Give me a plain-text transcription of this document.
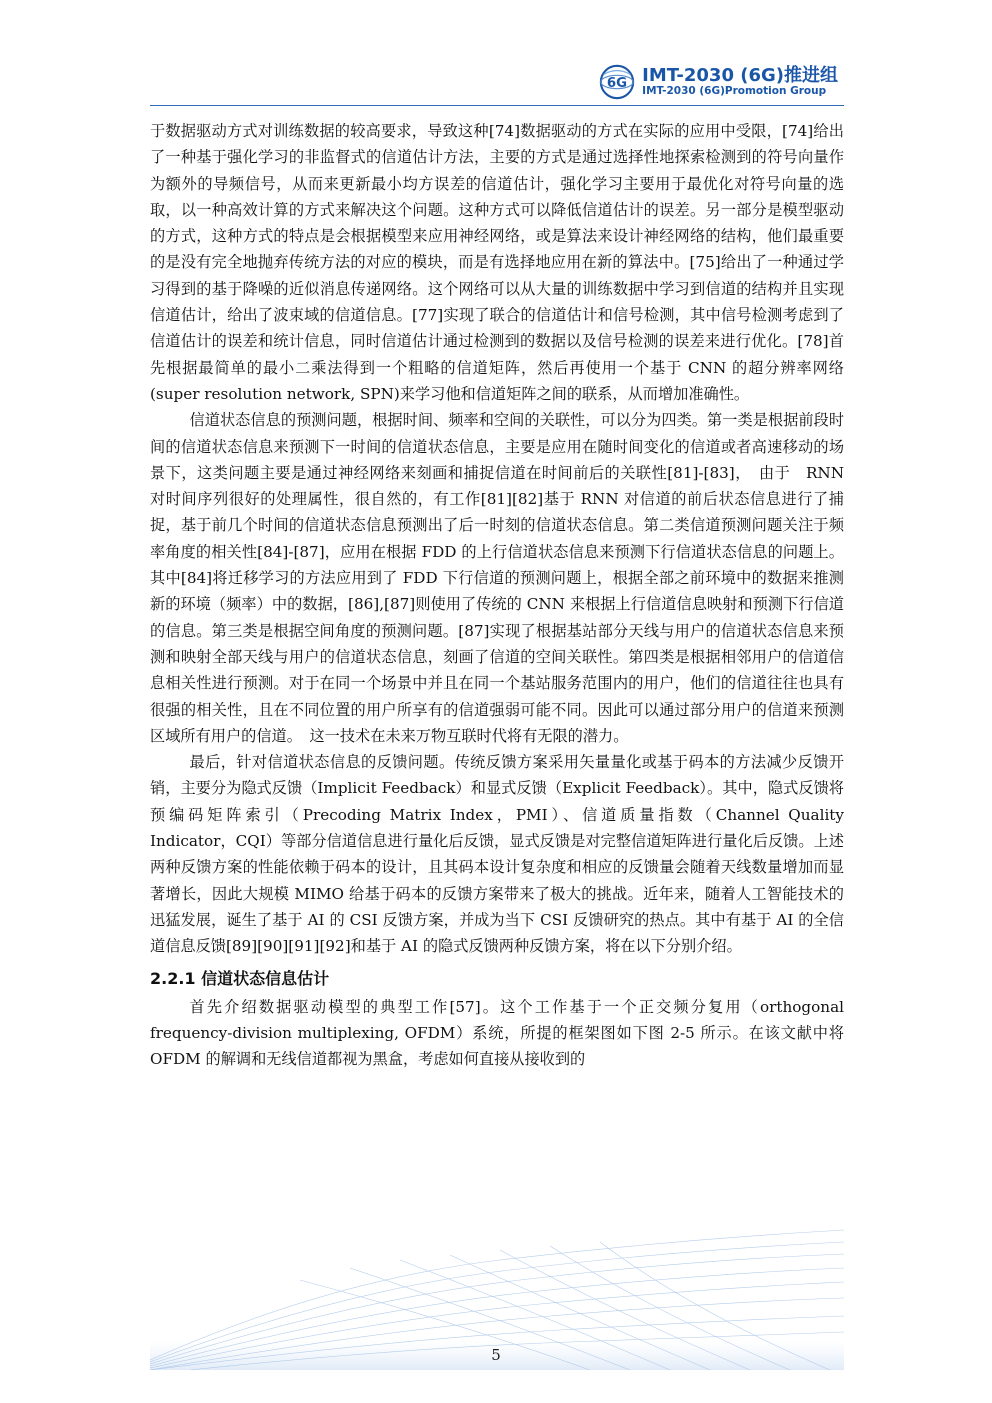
6G IMT-2030 (6G)推进组
IMT-2030 (6G)Promotion Group

于数据驱动方式对训练数据的较高要求，导致这种[74]数据驱动的方式在实际的应用中受限，[74]给出了一种基于强化学习的非监督式的信道估计方法，主要的方式是通过选择性地探索检测到的符号向量作为额外的导频信号，从而来更新最小均方误差的信道估计，强化学习主要用于最优化对符号向量的选取，以一种高效计算的方式来解决这个问题。这种方式可以降低信道估计的误差。另一部分是模型驱动的方式，这种方式的特点是会根据模型来应用神经网络，或是算法来设计神经网络的结构，他们最重要的是没有完全地抛弃传统方法的对应的模块，而是有选择地应用在新的算法中。[75]给出了一种通过学习得到的基于降噪的近似消息传递网络。这个网络可以从大量的训练数据中学习到信道的结构并且实现信道估计，给出了波束域的信道信息。[77]实现了联合的信道估计和信号检测，其中信号检测考虑到了信道估计的误差和统计信息，同时信道估计通过检测到的数据以及信号检测的误差来进行优化。[78]首先根据最简单的最小二乘法得到一个粗略的信道矩阵，然后再使用一个基于 CNN 的超分辨率网络(super resolution network, SPN)来学习他和信道矩阵之间的联系，从而增加准确性。

信道状态信息的预测问题，根据时间、频率和空间的关联性，可以分为四类。第一类是根据前段时间的信道状态信息来预测下一时间的信道状态信息，主要是应用在随时间变化的信道或者高速移动的场景下，这类问题主要是通过神经网络来刻画和捕捉信道在时间前后的关联性[81]-[83]，　由于　RNN　对时间序列很好的处理属性，很自然的，有工作[81][82]基于 RNN 对信道的前后状态信息进行了捕捉，基于前几个时间的信道状态信息预测出了后一时刻的信道状态信息。第二类信道预测问题关注于频率角度的相关性[84]-[87]，应用在根据 FDD 的上行信道状态信息来预测下行信道状态信息的问题上。其中[84]将迁移学习的方法应用到了 FDD 下行信道的预测问题上，根据全部之前环境中的数据来推测新的环境（频率）中的数据，[86],[87]则使用了传统的 CNN 来根据上行信道信息映射和预测下行信道的信息。第三类是根据空间角度的预测问题。[87]实现了根据基站部分天线与用户的信道状态信息来预测和映射全部天线与用户的信道状态信息，刻画了信道的空间关联性。第四类是根据相邻用户的信道信息相关性进行预测。对于在同一个场景中并且在同一个基站服务范围内的用户，他们的信道往往也具有很强的相关性，且在不同位置的用户所享有的信道强弱可能不同。因此可以通过部分用户的信道来预测区域所有用户的信道。　这一技术在未来万物互联时代将有无限的潜力。

最后，针对信道状态信息的反馈问题。传统反馈方案采用矢量量化或基于码本的方法减少反馈开销，主要分为隐式反馈（Implicit Feedback）和显式反馈（Explicit Feedback）。其中，隐式反馈将预编码矩阵索引（Precoding Matrix Index，PMI）、信道质量指数（Channel Quality Indicator，CQI）等部分信道信息进行量化后反馈，显式反馈是对完整信道矩阵进行量化后反馈。上述两种反馈方案的性能依赖于码本的设计，且其码本设计复杂度和相应的反馈量会随着天线数量增加而显著增长，因此大规模 MIMO 给基于码本的反馈方案带来了极大的挑战。近年来，随着人工智能技术的迅猛发展，诞生了基于 AI 的 CSI 反馈方案，并成为当下 CSI 反馈研究的热点。其中有基于 AI 的全信道信息反馈[89][90][91][92]和基于 AI 的隐式反馈两种反馈方案，将在以下分别介绍。

2.2.1 信道状态信息估计

首先介绍数据驱动模型的典型工作[57]。这个工作基于一个正交频分复用（orthogonal frequency-division multiplexing, OFDM）系统，所提的框架图如下图 2-5 所示。在该文献中将 OFDM 的解调和无线信道都视为黑盒，考虑如何直接从接收到的

5
